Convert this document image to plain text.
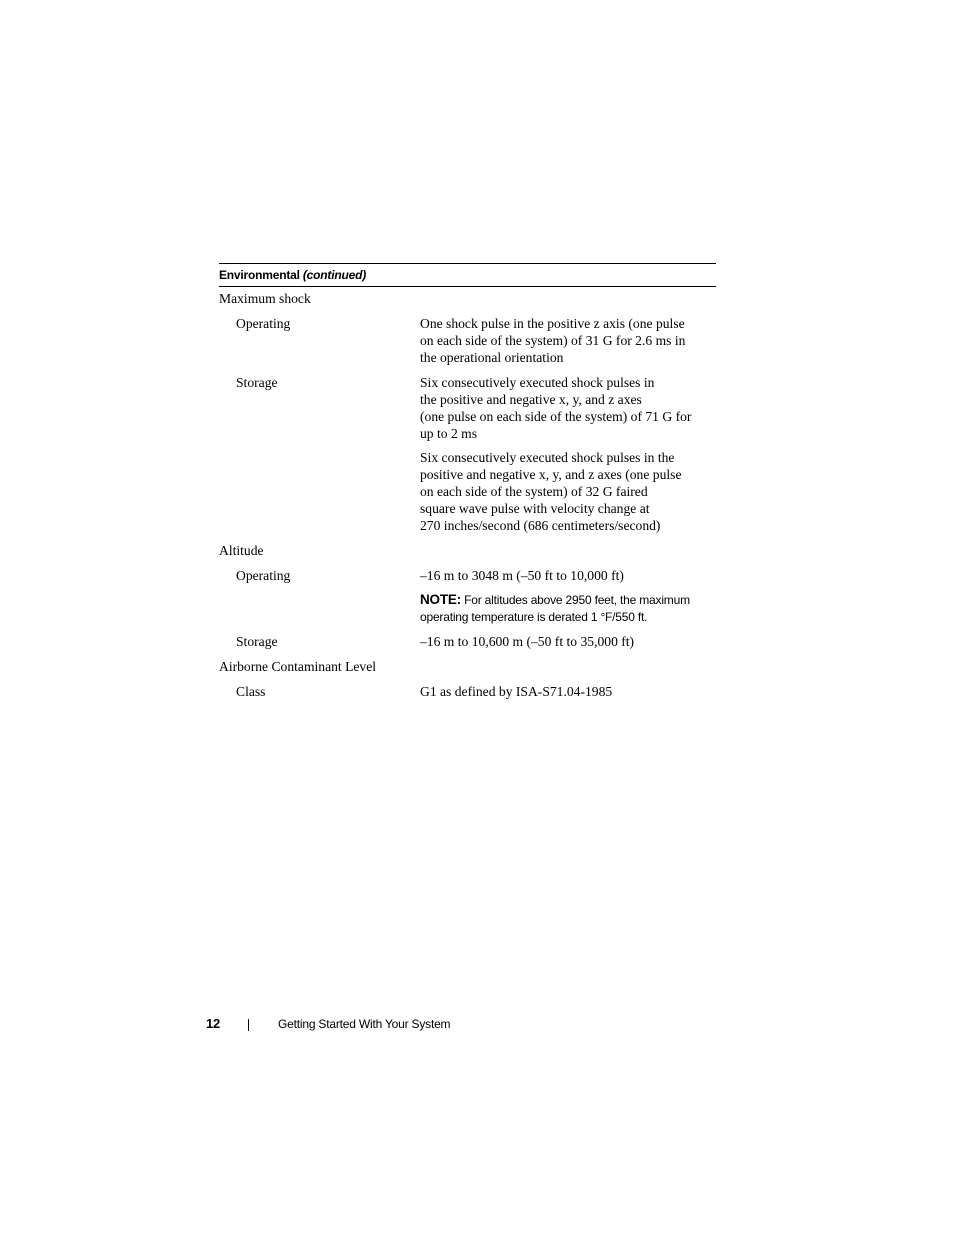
Environmental (continued)
Maximum shock
Operating	One shock pulse in the positive z axis (one pulse
on each side of the system) of 31 G for 2.6 ms in
the operational orientation
Storage	Six consecutively executed shock pulses in
the positive and negative x, y, and z axes
(one pulse on each side of the system) of 71 G for
up to 2 ms
Six consecutively executed shock pulses in the
positive and negative x, y, and z axes (one pulse
on each side of the system) of 32 G faired
square wave pulse with velocity change at
270 inches/second (686 centimeters/second)
Altitude
Operating	–16 m to 3048 m (–50 ft to 10,000 ft)
NOTE: For altitudes above 2950 feet, the maximum
operating temperature is derated 1 °F/550 ft.
Storage	–16 m to 10,600 m (–50 ft to 35,000 ft)
Airborne Contaminant Level
Class	G1 as defined by ISA-S71.04-1985
12	Getting Started With Your System
